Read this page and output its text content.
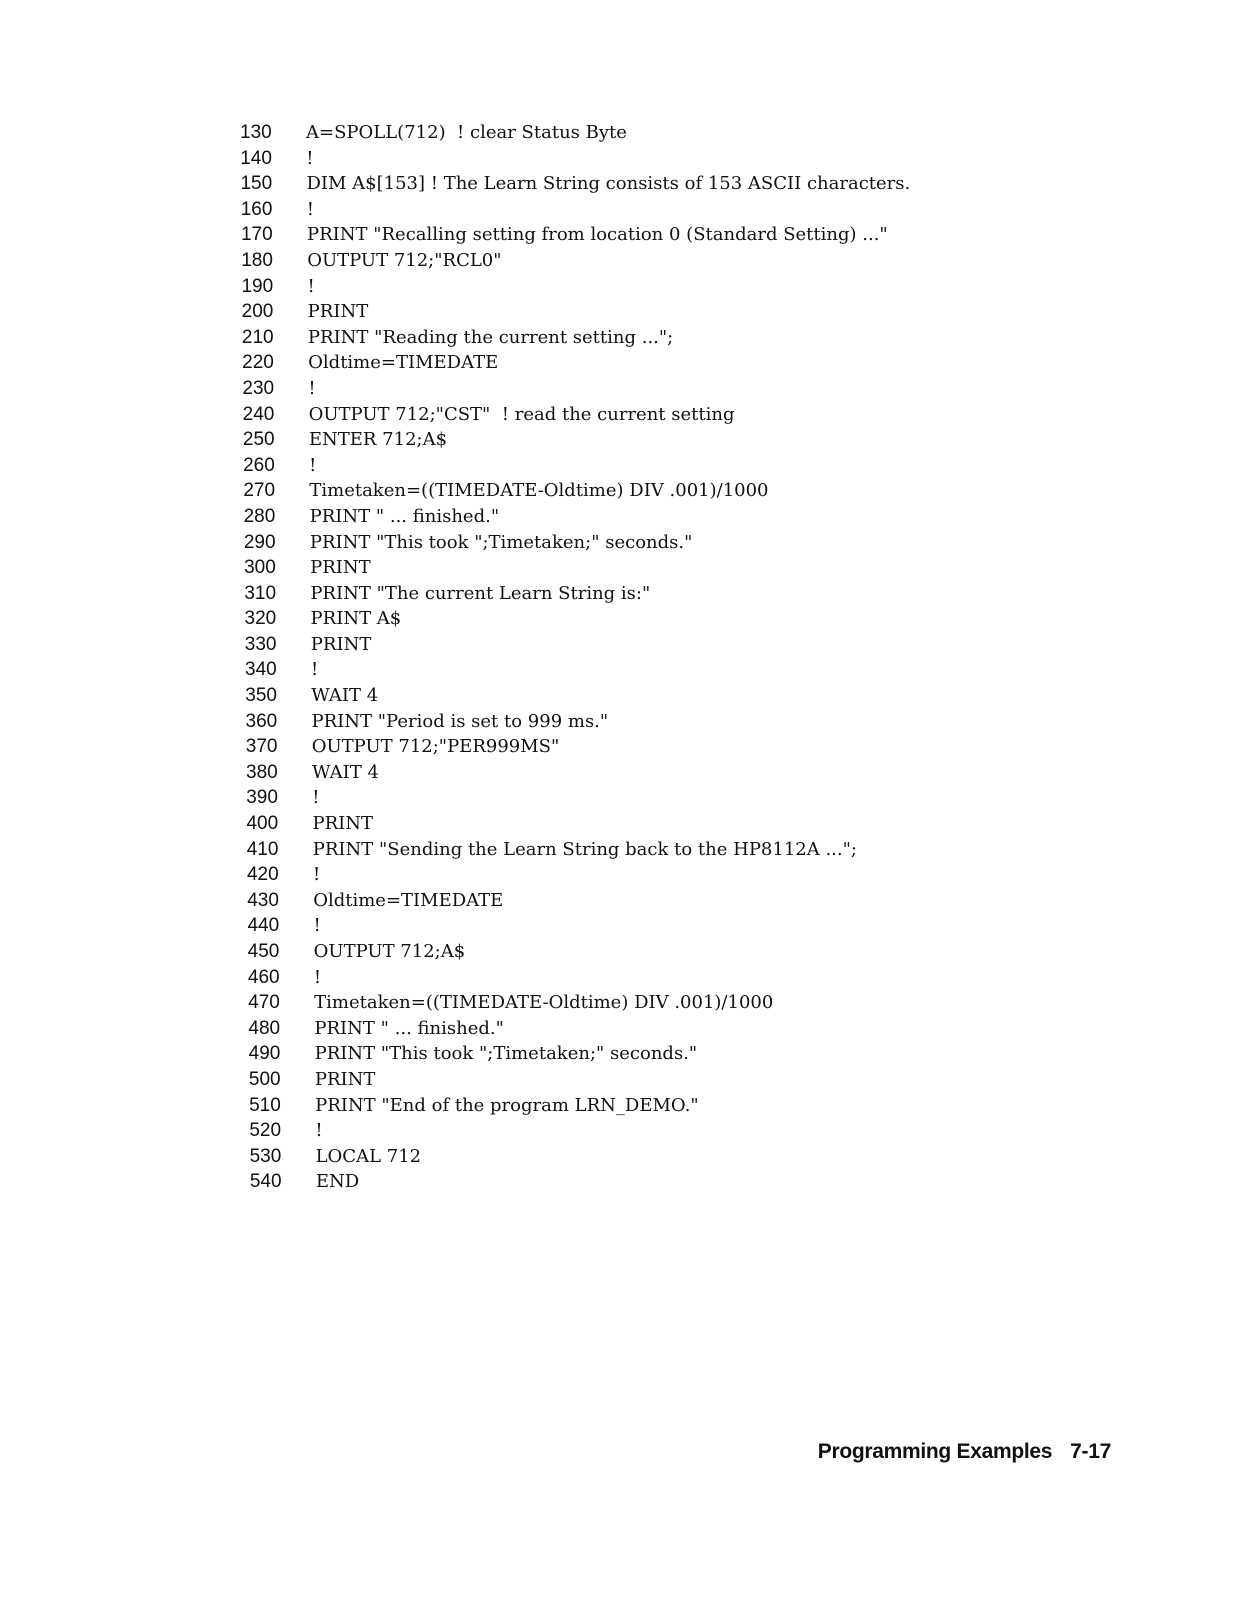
130	A=SPOLL(712)  ! clear Status Byte
140	!
150	DIM A$[153] ! The Learn String consists of 153 ASCII characters.
160	!
170	PRINT "Recalling setting from location 0 (Standard Setting) ..."
180	OUTPUT 712;"RCL0"
190	!
200	PRINT
210	PRINT "Reading the current setting ...";
220	Oldtime=TIMEDATE
230	!
240	OUTPUT 712;"CST"  ! read the current setting
250	ENTER 712;A$
260	!
270	Timetaken=((TIMEDATE-Oldtime) DIV .001)/1000
280	PRINT " ... finished."
290	PRINT "This took ";Timetaken;" seconds."
300	PRINT
310	PRINT "The current Learn String is:"
320	PRINT A$
330	PRINT
340	!
350	WAIT 4
360	PRINT "Period is set to 999 ms."
370	OUTPUT 712;"PER999MS"
380	WAIT 4
390	!
400	PRINT
410	PRINT "Sending the Learn String back to the HP8112A ...";
420	!
430	Oldtime=TIMEDATE
440	!
450	OUTPUT 712;A$
460	!
470	Timetaken=((TIMEDATE-Oldtime) DIV .001)/1000
480	PRINT " ... finished."
490	PRINT "This took ";Timetaken;" seconds."
500	PRINT
510	PRINT "End of the program LRN_DEMO."
520	!
530	LOCAL 712
540	END
Programming Examples 7-17
